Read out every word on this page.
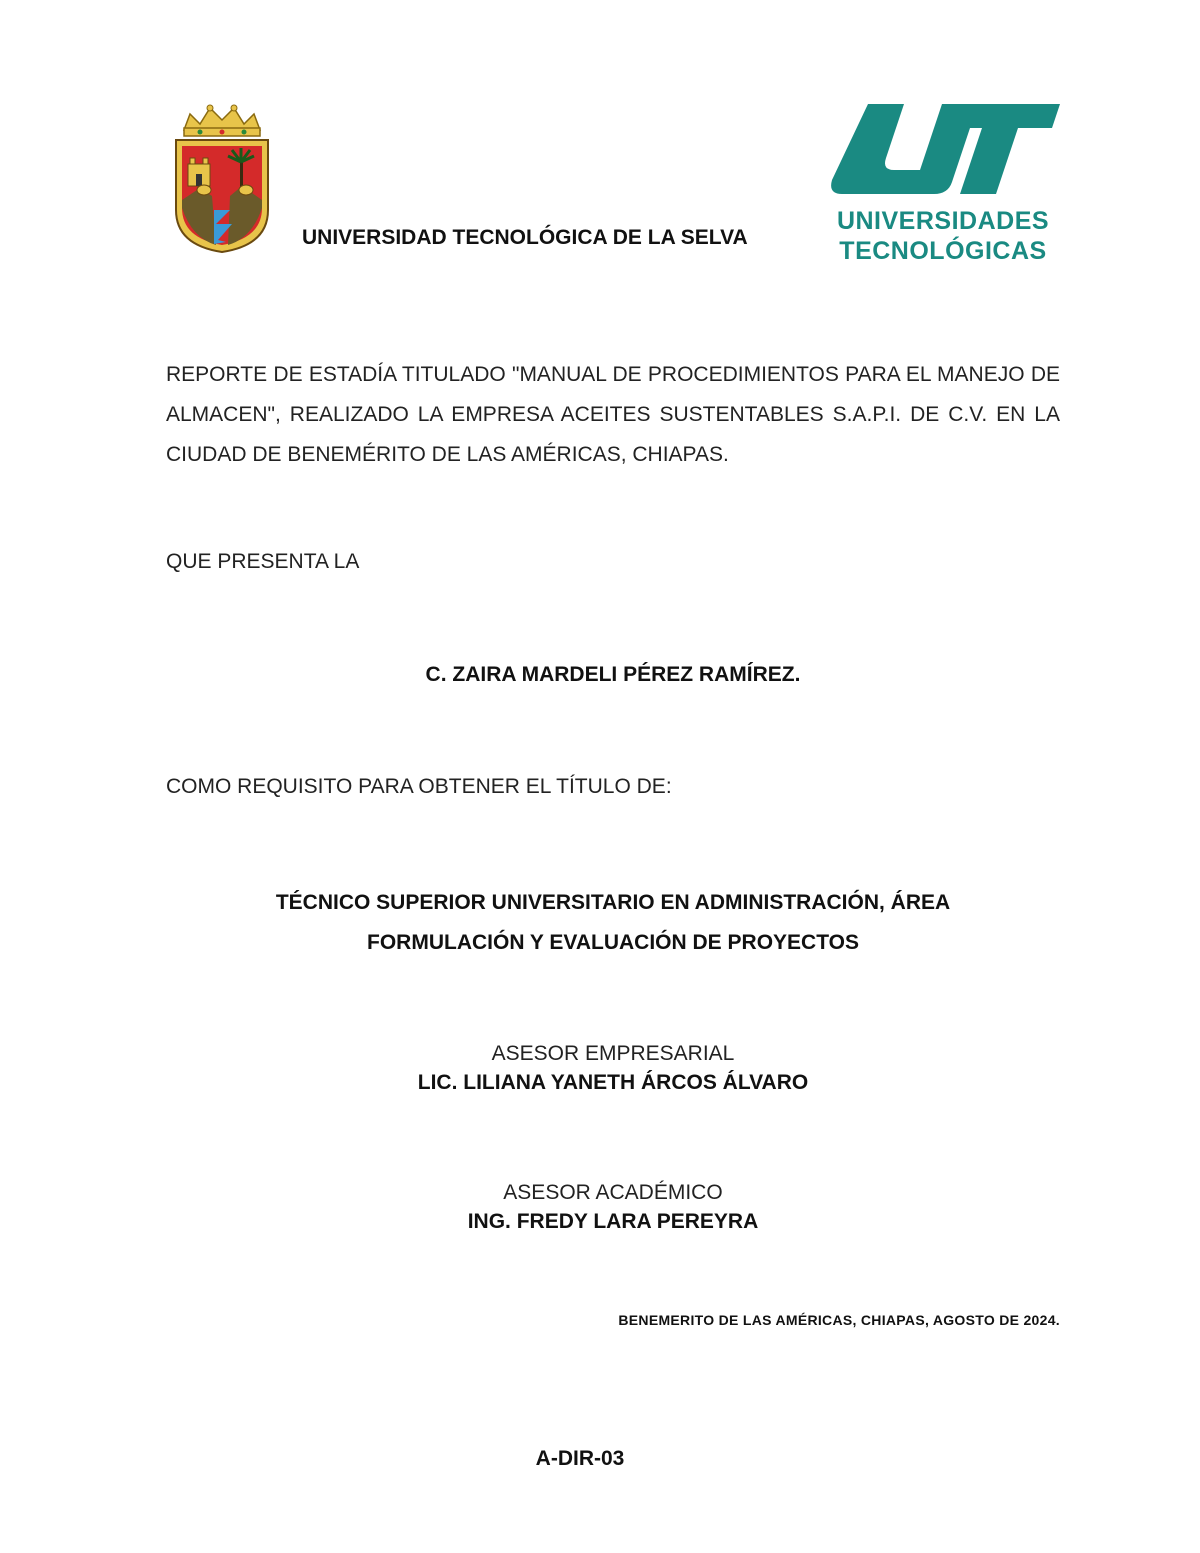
UNIVERSIDADES
TECNOLÓGICAS
UNIVERSIDAD TECNOLÓGICA DE LA SELVA
REPORTE DE ESTADÍA TITULADO "MANUAL DE PROCEDIMIENTOS PARA EL MANEJO DE ALMACEN", REALIZADO LA EMPRESA ACEITES SUSTENTABLES S.A.P.I. DE C.V. EN LA CIUDAD DE BENEMÉRITO DE LAS AMÉRICAS, CHIAPAS.
QUE PRESENTA LA
C. ZAIRA MARDELI PÉREZ RAMÍREZ.
COMO REQUISITO PARA OBTENER EL TÍTULO DE:
TÉCNICO SUPERIOR UNIVERSITARIO EN ADMINISTRACIÓN, ÁREA
FORMULACIÓN Y EVALUACIÓN DE PROYECTOS
ASESOR EMPRESARIAL
LIC. LILIANA YANETH ÁRCOS ÁLVARO
ASESOR ACADÉMICO
ING. FREDY LARA PEREYRA
BENEMERITO DE LAS AMÉRICAS, CHIAPAS, AGOSTO DE 2024.
A-DIR-03
